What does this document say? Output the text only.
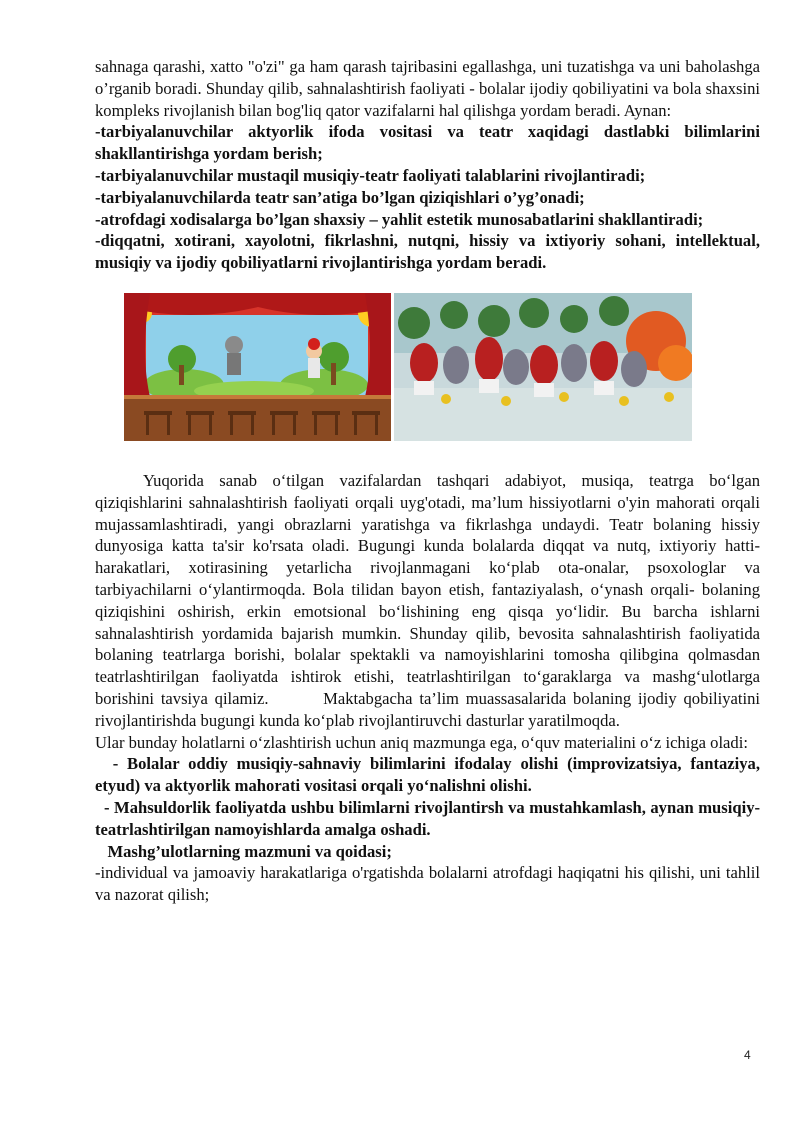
sahnaga qarashi, xatto "o'zi" ga ham qarash tajribasini egallashga, uni tuzatishga va uni baholashga o’rganib boradi. Shunday qilib, sahnalashtirish faoliyati - bolalar ijodiy qobiliyatini va bola shaxsini kompleks rivojlanish bilan bog'liq qator vazifalarni hal qilishga yordam beradi. Aynan:

-tarbiyalanuvchilar aktyorlik ifoda vositasi va teatr xaqidagi dastlabki bilimlarini shakllantirishga yordam berish;

-tarbiyalanuvchilar mustaqil musiqiy-teatr faoliyati talablarini rivojlantiradi;

-tarbiyalanuvchilarda teatr san’atiga bo’lgan qiziqishlari o’yg’onadi;

-atrofdagi xodisalarga bo’lgan shaxsiy – yahlit estetik munosabatlarini shakllantiradi;

-diqqatni, xotirani, xayolotni, fikrlashni, nutqni, hissiy va ixtiyoriy sohani, intellektual, musiqiy va ijodiy qobiliyatlarni rivojlantirishga yordam beradi.

Yuqorida sanab o‘tilgan vazifalardan tashqari adabiyot, musiqa, teatrga bo‘lgan qiziqishlarini sahnalashtirish faoliyati orqali uyg'otadi, ma’lum hissiyotlarni o'yin mahorati orqali mujassamlashtiradi, yangi obrazlarni yaratishga va fikrlashga undaydi. Teatr bolaning hissiy dunyosiga katta ta'sir ko'rsata oladi. Bugungi kunda bolalarda diqqat va nutq, ixtiyoriy hatti-harakatlari, xotirasining yetarlicha rivojlanmagani ko‘plab ota-onalar, psoxologlar va tarbiyachilarni o‘ylantirmoqda. Bola tilidan bayon etish, fantaziyalash, o‘ynash orqali- bolaning qiziqishini oshirish, erkin emotsional bo‘lishining eng qisqa yo‘lidir. Bu barcha ishlarni sahnalashtirish yordamida bajarish mumkin. Shunday qilib, bevosita sahnalashtirish faoliyatida bolaning teatrlarga borishi, bolalar spektakli va namoyishlarini tomosha qilibgina qolmasdan teatrlashtirilgan faoliyatda ishtirok etishi, teatrlashtirilgan to‘garaklarga va mashg‘ulotlarga borishini tavsiya qilamiz.        Maktabgacha ta’lim muassasalarida bolaning ijodiy qobiliyatini rivojlantirishda bugungi kunda ko‘plab rivojlantiruvchi dasturlar yaratilmoqda.

Ular bunday holatlarni o‘zlashtirish uchun aniq mazmunga ega, o‘quv materialini o‘z ichiga oladi:

- Bolalar oddiy musiqiy-sahnaviy bilimlarini ifodalay olishi (improvizatsiya, fantaziya, etyud) va aktyorlik mahorati vositasi orqali yo‘nalishni olishi.

- Mahsuldorlik faoliyatda ushbu bilimlarni rivojlantirsh va mustahkamlash, aynan musiqiy- teatrlashtirilgan namoyishlarda amalga oshadi.

Mashg’ulotlarning mazmuni va qoidasi;

-individual va jamoaviy harakatlariga o'rgatishda bolalarni atrofdagi haqiqatni his qilishi, uni tahlil va nazorat qilish;

4
